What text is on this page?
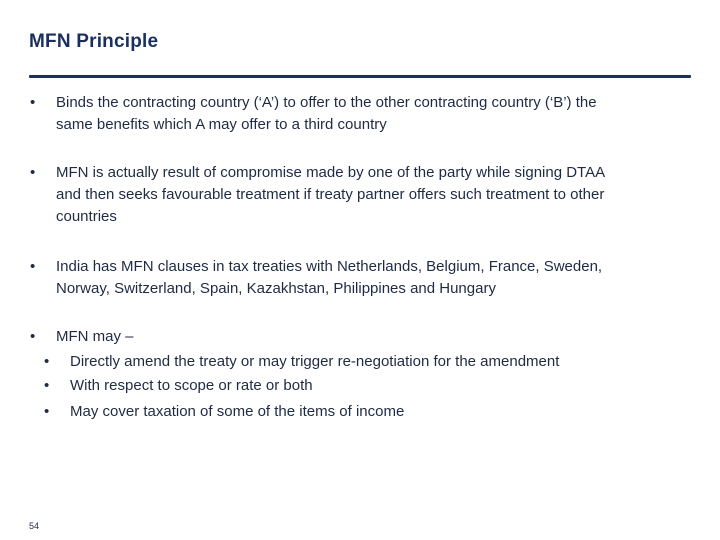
MFN Principle
•	Binds the contracting country (‘A’) to offer to the other contracting country (‘B’) the
same benefits which A may offer to a third country
•	MFN is actually result of compromise made by one of the party while signing DTAA
and then seeks favourable treatment if treaty partner offers such treatment to other
countries
•	India has MFN clauses in tax treaties with Netherlands, Belgium, France, Sweden,
Norway, Switzerland, Spain, Kazakhstan, Philippines and Hungary
•	MFN may –
• Directly amend the treaty or may trigger re-negotiation for the amendment
• With respect to scope or rate or both
• May cover taxation of some of the items of income
54
